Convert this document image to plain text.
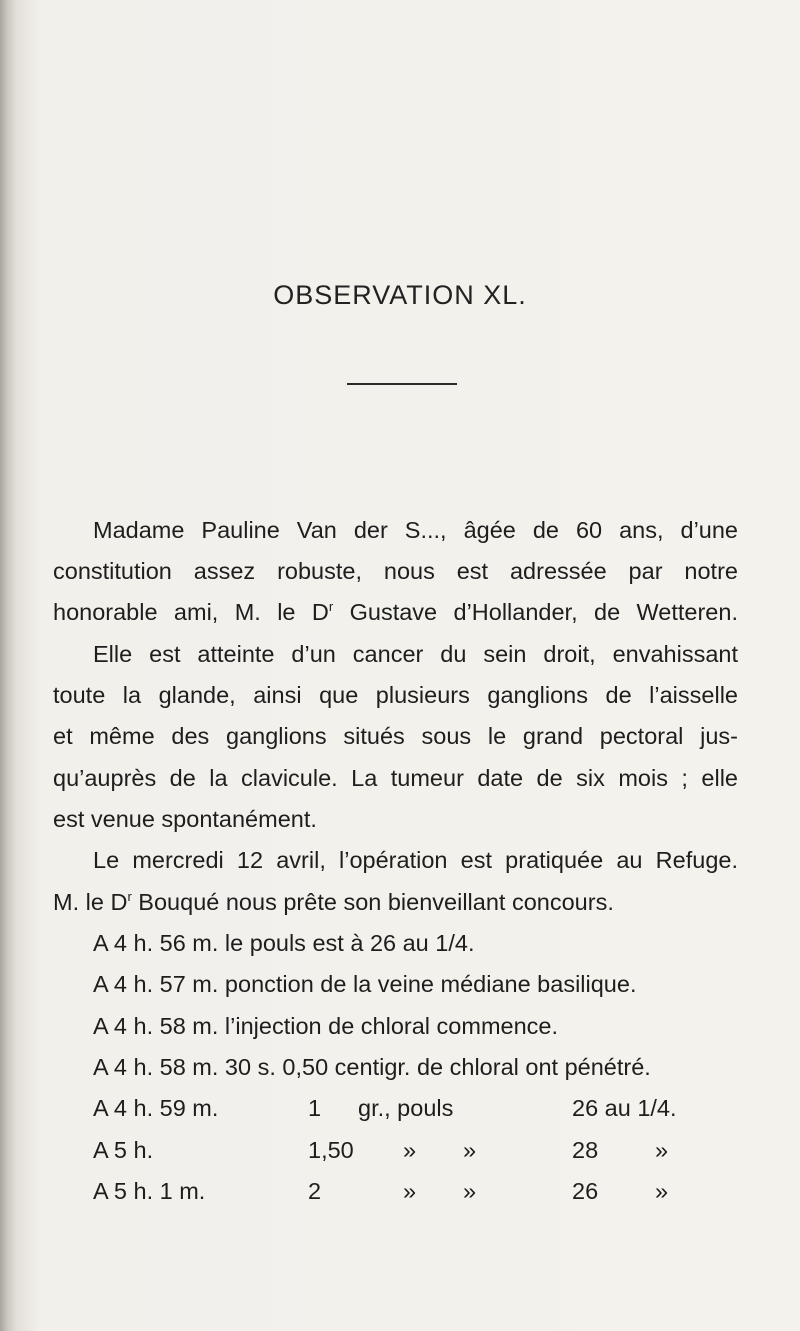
OBSERVATION XL.
Madame Pauline Van der S..., âgée de 60 ans, d’une
constitution assez robuste, nous est adressée par notre
honorable ami, M. le $D^r$ Gustave d’Hollander, de Wetteren.
Elle est atteinte d’un cancer du sein droit, envahissant
toute la glande, ainsi que plusieurs ganglions de l’aisselle
et même des ganglions situés sous le grand pectoral jus-
qu’auprès de la clavicule. La tumeur date de six mois ; elle
est venue spontanément.
Le mercredi 12 avril, l’opération est pratiquée au Refuge.
M. le $D^r$ Bouqué nous prête son bienveillant concours.
A 4 h. 56 m. le pouls est à 26 au 1/4.
A 4 h. 57 m. ponction de la veine médiane basilique.
A 4 h. 58 m. l’injection de chloral commence.
A 4 h. 58 m. 30 s. 0,50 centigr. de chloral ont pénétré.
A 4 h. 59 m.	1 gr., pouls	26 au 1/4.
A 5 h.	1,50 » »	28 »
A 5 h. 1 m.	2	» »	26 »
